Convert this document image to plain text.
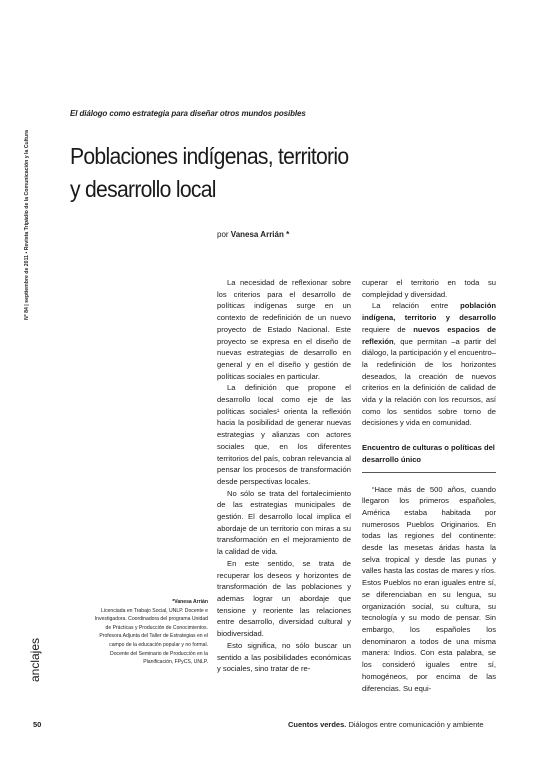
Nº 84 | septiembre de 2011 • Revista Tripádio de la Comunicación y la Cultura
El diálogo como estrategia para diseñar otros mundos posibles
Poblaciones indígenas, territorio
y desarrollo local
por Vanesa Arrián *

La necesidad de reflexionar sobre los criterios para el desarrollo de políticas indígenas surge en un contexto de redefinición de un nuevo proyecto de Estado Nacional. Este proyecto se expresa en el diseño de nuevas estrategias de desarrollo en general y en el diseño y gestión de políticas sociales en particular.

La definición que propone el desarrollo local como eje de las políticas sociales¹ orienta la reflexión hacia la posibilidad de generar nuevas estrategias y alianzas con actores sociales que, en los diferentes territorios del país, cobran relevancia al pensar los procesos de transformación desde perspectivas locales.

No sólo se trata del fortalecimiento de las estrategias municipales de gestión. El desarrollo local implica el abordaje de un territorio con miras a su transformación en el mejoramiento de la calidad de vida.

En este sentido, se trata de recuperar los deseos y horizontes de transformación de las poblaciones y ademas lograr un abordaje que tensione y reoriente las relaciones entre desarrollo, diversidad cultural y biodiversidad.

Esto significa, no sólo buscar un sentido a las posibilidades económicas y sociales, sino tratar de re-

cuperar el territorio en toda su complejidad y diversidad.

La relación entre población indígena, territorio y desarrollo requiere de nuevos espacios de reflexión, que permitan –a partir del diálogo, la participación y el encuentro– la redefinición de los horizontes deseados, la creación de nuevos criterios en la definición de calidad de vida y la relación con los recursos, así como los sentidos sobre torno de decisiones y vida en comunidad.

Encuentro de culturas o políticas del desarrollo único

“Hace más de 500 años, cuando llegaron los primeros españoles, América estaba habitada por numerosos Pueblos Originarios. En todas las regiones del continente: desde las mesetas áridas hasta la selva tropical y desde las punas y valles hasta las costas de mares y ríos. Estos Pueblos no eran iguales entre sí, se diferenciaban en su lengua, su organización social, su cultura, su tecnología y su modo de pensar. Sin embargo, los españoles los denominaron a todos de una misma manera: Indios. Con esta palabra, se los consideró iguales entre sí, homogéneos, por encima de las diferencias. Su equi-

*Vanesa Arrián
Licenciada en Trabajo Social, UNLP. Docente e
Investigadora. Coordinadora del programa Unidad
de Prácticas y Producción de Conocimientos.
Profesora Adjunta del Taller de Estrategias en el
campo de la educación popular y no formal.
Docente del Seminario de Producción en la
Planificación, FPyCS, UNLP.
anclajes
50	Cuentos verdes. Diálogos entre comunicación y ambiente
